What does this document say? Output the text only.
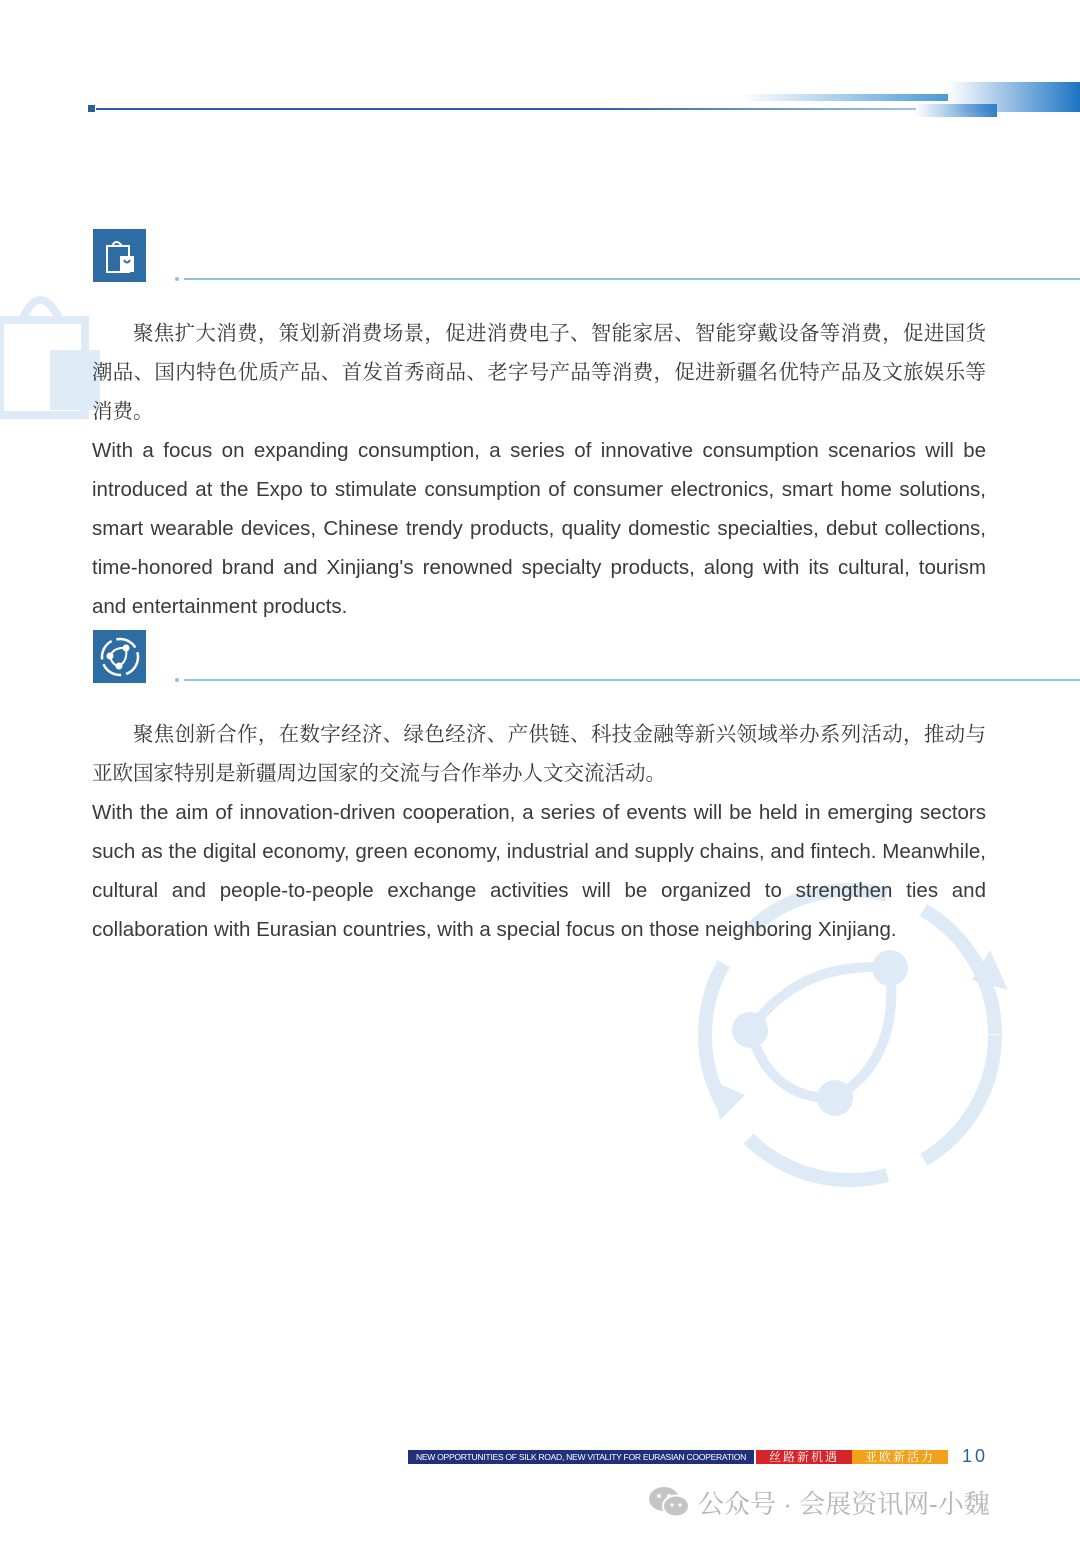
聚焦扩大消费，策划新消费场景，促进消费电子、智能家居、智能穿戴设备等消费，促进国货潮品、国内特色优质产品、首发首秀商品、老字号产品等消费，促进新疆名优特产品及文旅娱乐等消费。

With a focus on expanding consumption, a series of innovative consumption scenarios will be introduced at the Expo to stimulate consumption of consumer electronics, smart home solutions, smart wearable devices, Chinese trendy products, quality domestic specialties, debut collections, time-honored brand and Xinjiang's renowned specialty products, along with its cultural, tourism and entertainment products.

聚焦创新合作，在数字经济、绿色经济、产供链、科技金融等新兴领域举办系列活动，推动与亚欧国家特别是新疆周边国家的交流与合作举办人文交流活动。

With the aim of innovation-driven cooperation, a series of events will be held in emerging sectors such as the digital economy, green economy, industrial and supply chains, and fintech. Meanwhile, cultural and people-to-people exchange activities will be organized to strengthen ties and collaboration with Eurasian countries, with a special focus on those neighboring Xinjiang.

NEW OPPORTUNITIES OF SILK ROAD, NEW VITALITY FOR EURASIAN COOPERATION	丝路新机遇	亚欧新活力	10
公众号 · 会展资讯网-小魏
